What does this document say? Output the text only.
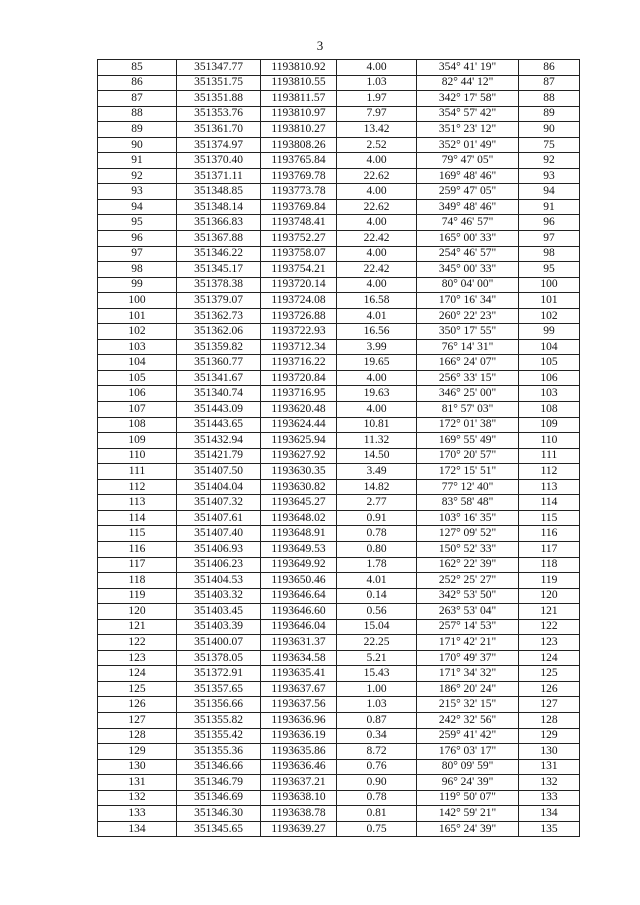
3
85	351347.77	1193810.92	4.00	354° 41' 19"	86
86	351351.75	1193810.55	1.03	82° 44' 12"	87
87	351351.88	1193811.57	1.97	342° 17' 58"	88
88	351353.76	1193810.97	7.97	354° 57' 42"	89
89	351361.70	1193810.27	13.42	351° 23' 12"	90
90	351374.97	1193808.26	2.52	352° 01' 49"	75
91	351370.40	1193765.84	4.00	79° 47' 05"	92
92	351371.11	1193769.78	22.62	169° 48' 46"	93
93	351348.85	1193773.78	4.00	259° 47' 05"	94
94	351348.14	1193769.84	22.62	349° 48' 46"	91
95	351366.83	1193748.41	4.00	74° 46' 57"	96
96	351367.88	1193752.27	22.42	165° 00' 33"	97
97	351346.22	1193758.07	4.00	254° 46' 57"	98
98	351345.17	1193754.21	22.42	345° 00' 33"	95
99	351378.38	1193720.14	4.00	80° 04' 00"	100
100	351379.07	1193724.08	16.58	170° 16' 34"	101
101	351362.73	1193726.88	4.01	260° 22' 23"	102
102	351362.06	1193722.93	16.56	350° 17' 55"	99
103	351359.82	1193712.34	3.99	76° 14' 31"	104
104	351360.77	1193716.22	19.65	166° 24' 07"	105
105	351341.67	1193720.84	4.00	256° 33' 15"	106
106	351340.74	1193716.95	19.63	346° 25' 00"	103
107	351443.09	1193620.48	4.00	81° 57' 03"	108
108	351443.65	1193624.44	10.81	172° 01' 38"	109
109	351432.94	1193625.94	11.32	169° 55' 49"	110
110	351421.79	1193627.92	14.50	170° 20' 57"	111
111	351407.50	1193630.35	3.49	172° 15' 51"	112
112	351404.04	1193630.82	14.82	77° 12' 40"	113
113	351407.32	1193645.27	2.77	83° 58' 48"	114
114	351407.61	1193648.02	0.91	103° 16' 35"	115
115	351407.40	1193648.91	0.78	127° 09' 52"	116
116	351406.93	1193649.53	0.80	150° 52' 33"	117
117	351406.23	1193649.92	1.78	162° 22' 39"	118
118	351404.53	1193650.46	4.01	252° 25' 27"	119
119	351403.32	1193646.64	0.14	342° 53' 50"	120
120	351403.45	1193646.60	0.56	263° 53' 04"	121
121	351403.39	1193646.04	15.04	257° 14' 53"	122
122	351400.07	1193631.37	22.25	171° 42' 21"	123
123	351378.05	1193634.58	5.21	170° 49' 37"	124
124	351372.91	1193635.41	15.43	171° 34' 32"	125
125	351357.65	1193637.67	1.00	186° 20' 24"	126
126	351356.66	1193637.56	1.03	215° 32' 15"	127
127	351355.82	1193636.96	0.87	242° 32' 56"	128
128	351355.42	1193636.19	0.34	259° 41' 42"	129
129	351355.36	1193635.86	8.72	176° 03' 17"	130
130	351346.66	1193636.46	0.76	80° 09' 59"	131
131	351346.79	1193637.21	0.90	96° 24' 39"	132
132	351346.69	1193638.10	0.78	119° 50' 07"	133
133	351346.30	1193638.78	0.81	142° 59' 21"	134
134	351345.65	1193639.27	0.75	165° 24' 39"	135
